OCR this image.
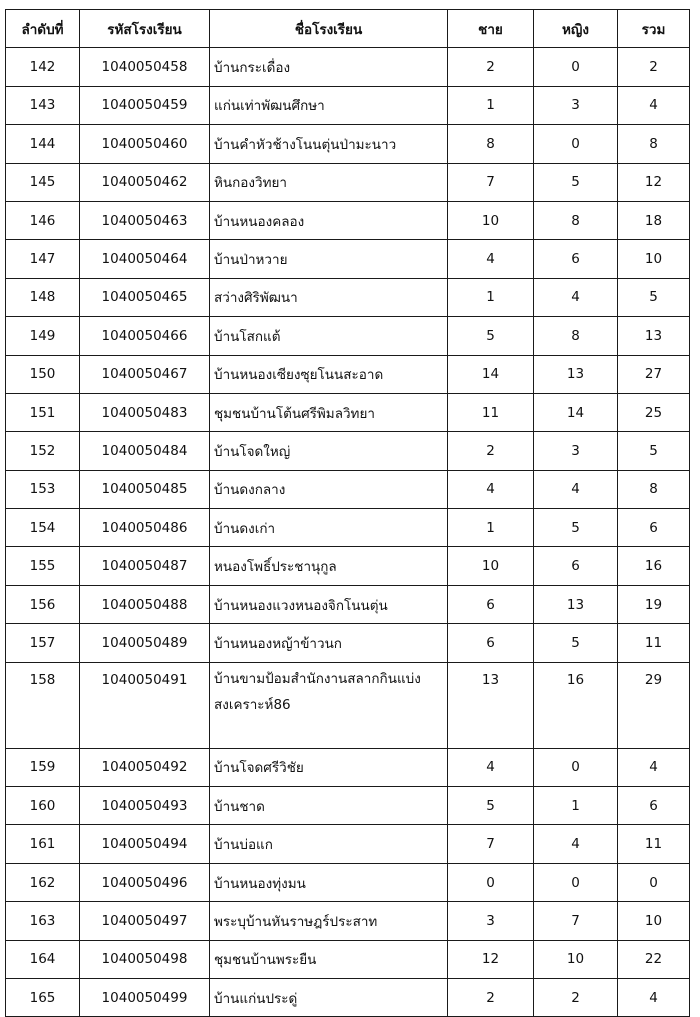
ลำดับที่	รหัสโรงเรียน	ชื่อโรงเรียน	ชาย	หญิง	รวม
142	1040050458	บ้านกระเดื่อง	2	0	2
143	1040050459	แก่นเท่าพัฒนศึกษา	1	3	4
144	1040050460	บ้านคำหัวช้างโนนตุ่นป่ามะนาว	8	0	8
145	1040050462	หินกองวิทยา	7	5	12
146	1040050463	บ้านหนองคลอง	10	8	18
147	1040050464	บ้านป่าหวาย	4	6	10
148	1040050465	สว่างศิริพัฒนา	1	4	5
149	1040050466	บ้านโสกแต้	5	8	13
150	1040050467	บ้านหนองเซียงซุยโนนสะอาด	14	13	27
151	1040050483	ชุมชนบ้านโต้นศรีพิมลวิทยา	11	14	25
152	1040050484	บ้านโจดใหญ่	2	3	5
153	1040050485	บ้านดงกลาง	4	4	8
154	1040050486	บ้านดงเก่า	1	5	6
155	1040050487	หนองโพธิ์ประชานุกูล	10	6	16
156	1040050488	บ้านหนองแวงหนองจิกโนนตุ่น	6	13	19
157	1040050489	บ้านหนองหญ้าข้าวนก	6	5	11
158	1040050491	บ้านขามป้อมสำนักงานสลากกินแบ่งสงเคราะห์86	13	16	29
159	1040050492	บ้านโจดศรีวิชัย	4	0	4
160	1040050493	บ้านชาด	5	1	6
161	1040050494	บ้านบ่อแก	7	4	11
162	1040050496	บ้านหนองทุ่งมน	0	0	0
163	1040050497	พระบุบ้านหันราษฎร์ประสาท	3	7	10
164	1040050498	ชุมชนบ้านพระยืน	12	10	22
165	1040050499	บ้านแก่นประดู่	2	2	4
